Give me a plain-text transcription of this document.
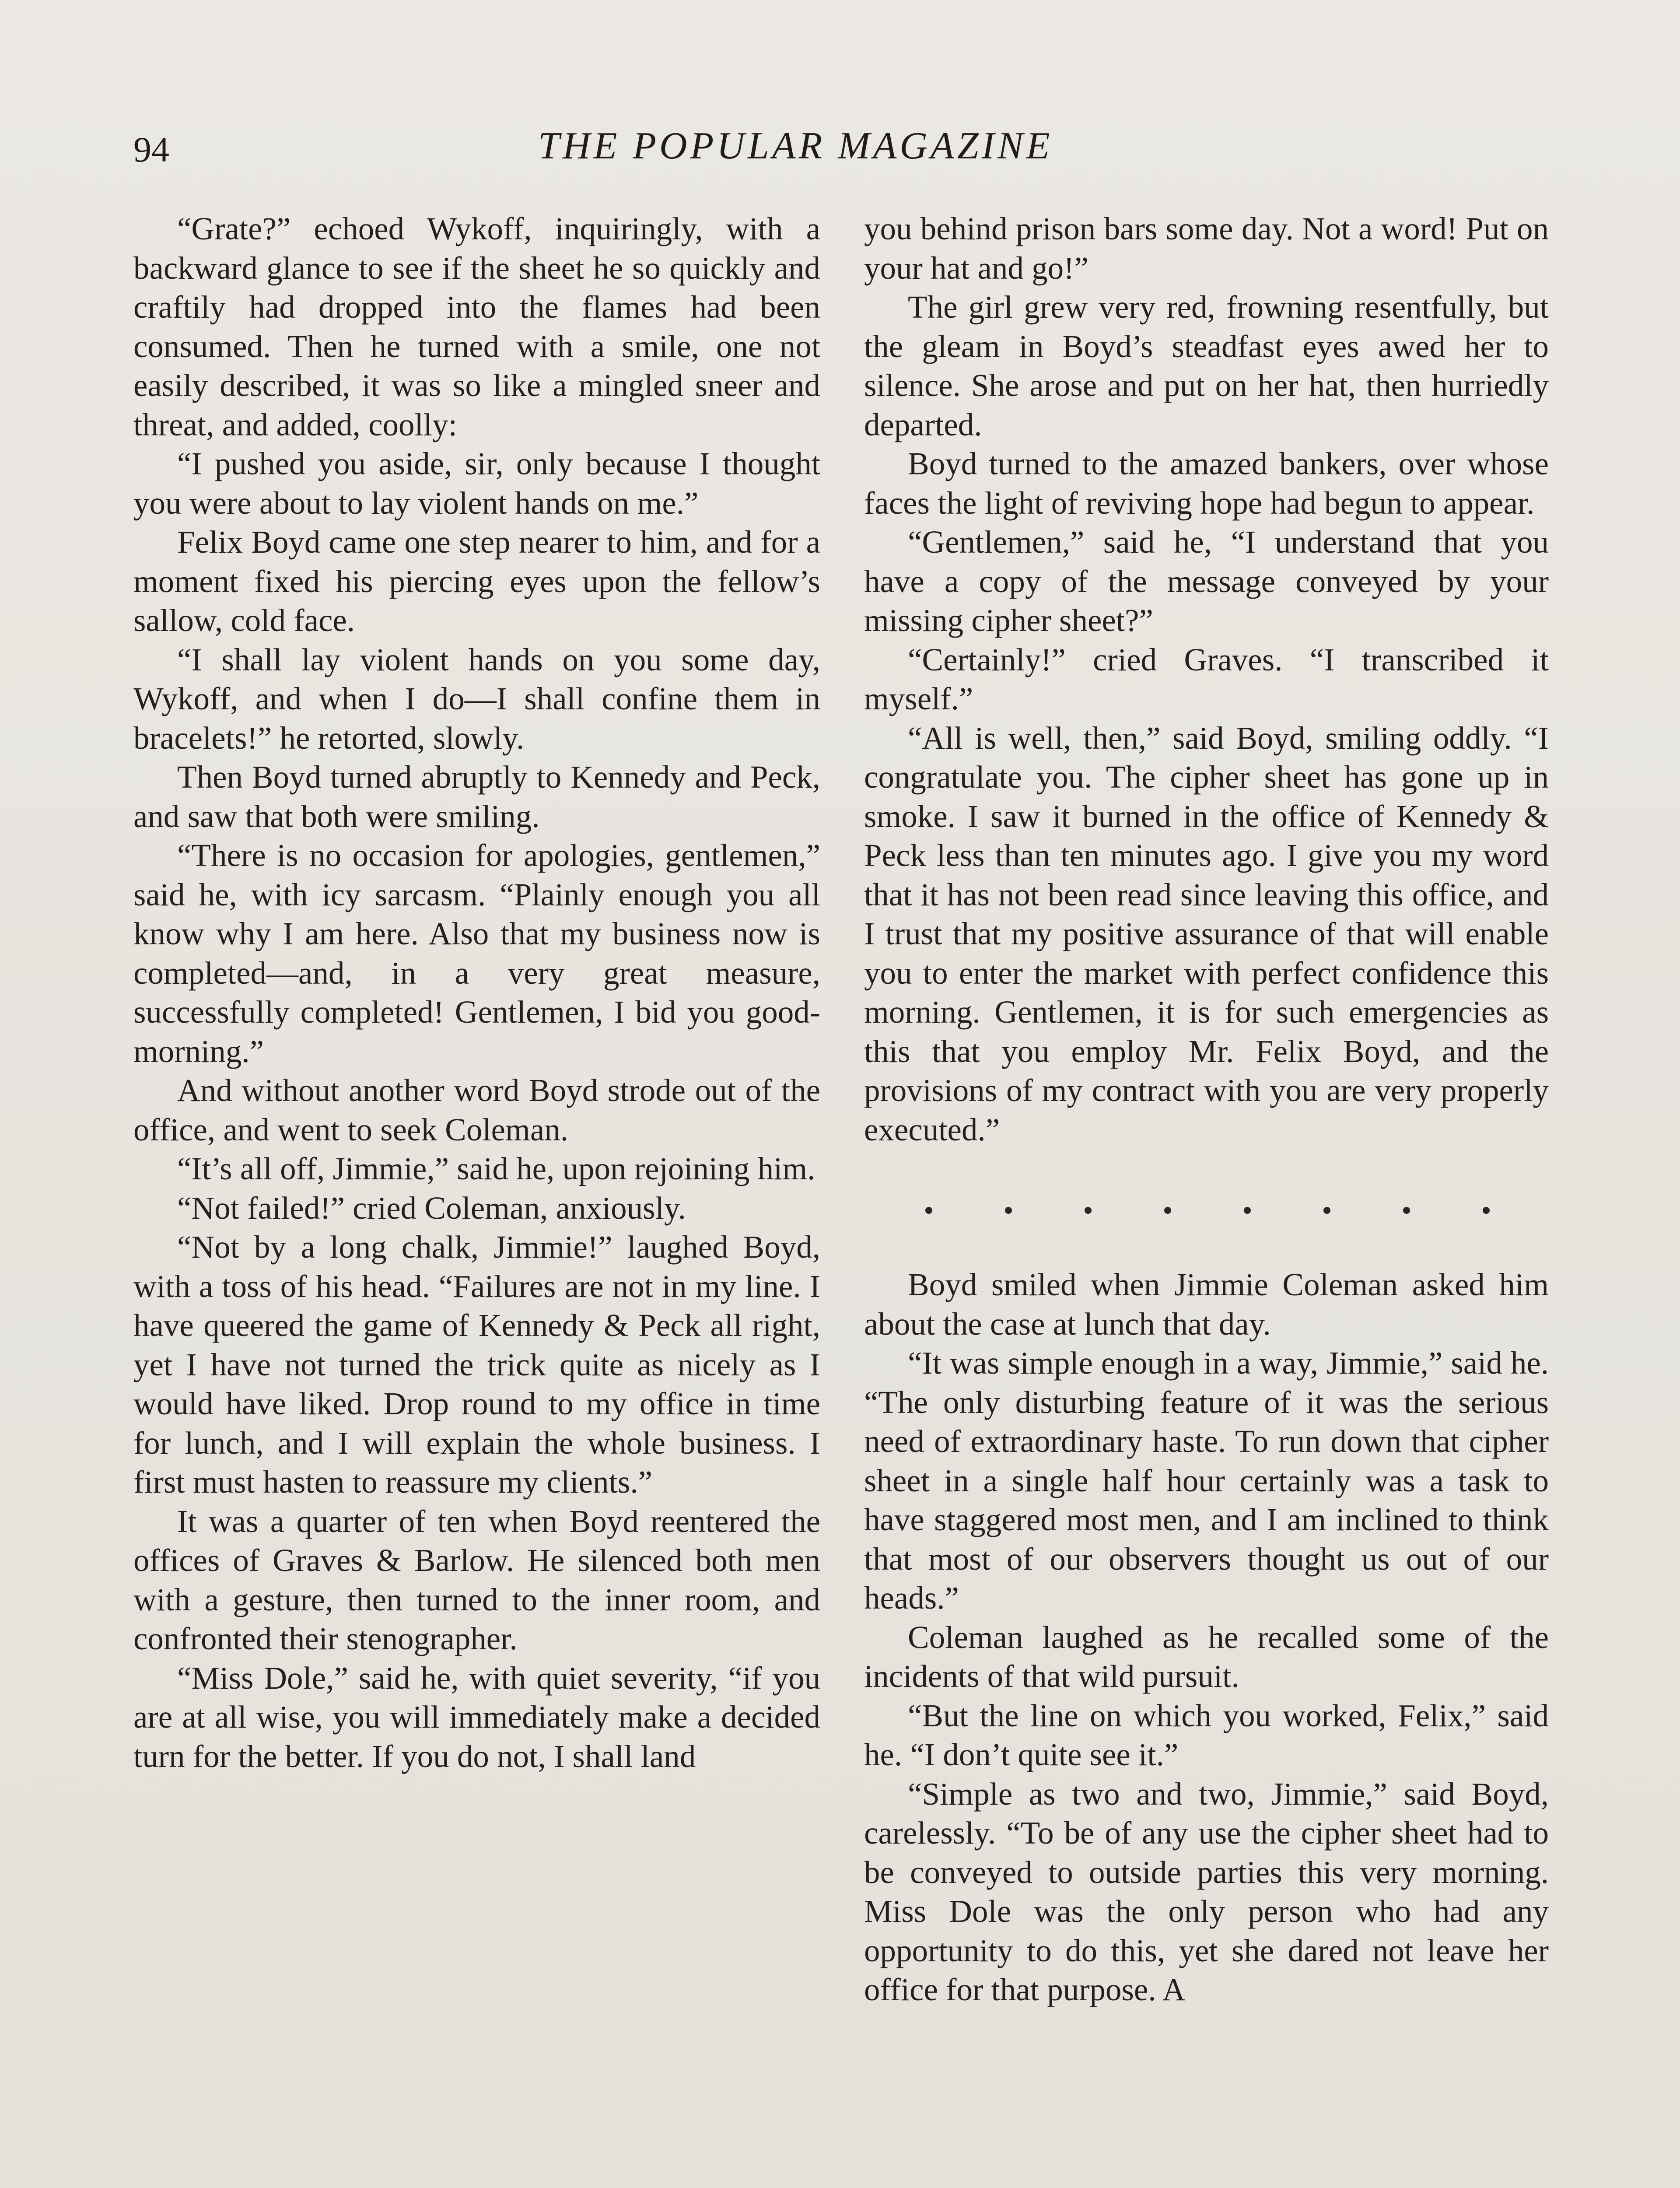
94	THE POPULAR MAGAZINE

“Grate?” echoed Wykoff, inquiringly, with a backward glance to see if the sheet he so quickly and craftily had dropped into the flames had been consumed. Then he turned with a smile, one not easily described, it was so like a mingled sneer and threat, and added, coolly:

“I pushed you aside, sir, only because I thought you were about to lay violent hands on me.”

Felix Boyd came one step nearer to him, and for a moment fixed his piercing eyes upon the fellow’s sallow, cold face.

“I shall lay violent hands on you some day, Wykoff, and when I do—I shall confine them in bracelets!” he retorted, slowly.

Then Boyd turned abruptly to Kennedy and Peck, and saw that both were smiling.

“There is no occasion for apologies, gentlemen,” said he, with icy sarcasm. “Plainly enough you all know why I am here. Also that my business now is completed—and, in a very great measure, successfully completed! Gentlemen, I bid you good-morning.”

And without another word Boyd strode out of the office, and went to seek Coleman.

“It’s all off, Jimmie,” said he, upon rejoining him.

“Not failed!” cried Coleman, anxiously.

“Not by a long chalk, Jimmie!” laughed Boyd, with a toss of his head. “Failures are not in my line. I have queered the game of Kennedy & Peck all right, yet I have not turned the trick quite as nicely as I would have liked. Drop round to my office in time for lunch, and I will explain the whole business. I first must hasten to reassure my clients.”

It was a quarter of ten when Boyd reentered the offices of Graves & Barlow. He silenced both men with a gesture, then turned to the inner room, and confronted their stenographer.

“Miss Dole,” said he, with quiet severity, “if you are at all wise, you will immediately make a decided turn for the better. If you do not, I shall land

you behind prison bars some day. Not a word! Put on your hat and go!”

The girl grew very red, frowning resentfully, but the gleam in Boyd’s steadfast eyes awed her to silence. She arose and put on her hat, then hurriedly departed.

Boyd turned to the amazed bankers, over whose faces the light of reviving hope had begun to appear.

“Gentlemen,” said he, “I understand that you have a copy of the message conveyed by your missing cipher sheet?”

“Certainly!” cried Graves. “I transcribed it myself.”

“All is well, then,” said Boyd, smiling oddly. “I congratulate you. The cipher sheet has gone up in smoke. I saw it burned in the office of Kennedy & Peck less than ten minutes ago. I give you my word that it has not been read since leaving this office, and I trust that my positive assurance of that will enable you to enter the market with perfect confidence this morning. Gentlemen, it is for such emergencies as this that you employ Mr. Felix Boyd, and the provisions of my contract with you are very properly executed.”

Boyd smiled when Jimmie Coleman asked him about the case at lunch that day.

“It was simple enough in a way, Jimmie,” said he. “The only disturbing feature of it was the serious need of extraordinary haste. To run down that cipher sheet in a single half hour certainly was a task to have staggered most men, and I am inclined to think that most of our observers thought us out of our heads.”

Coleman laughed as he recalled some of the incidents of that wild pursuit.

“But the line on which you worked, Felix,” said he. “I don’t quite see it.”

“Simple as two and two, Jimmie,” said Boyd, carelessly. “To be of any use the cipher sheet had to be conveyed to outside parties this very morning. Miss Dole was the only person who had any opportunity to do this, yet she dared not leave her office for that purpose. A
